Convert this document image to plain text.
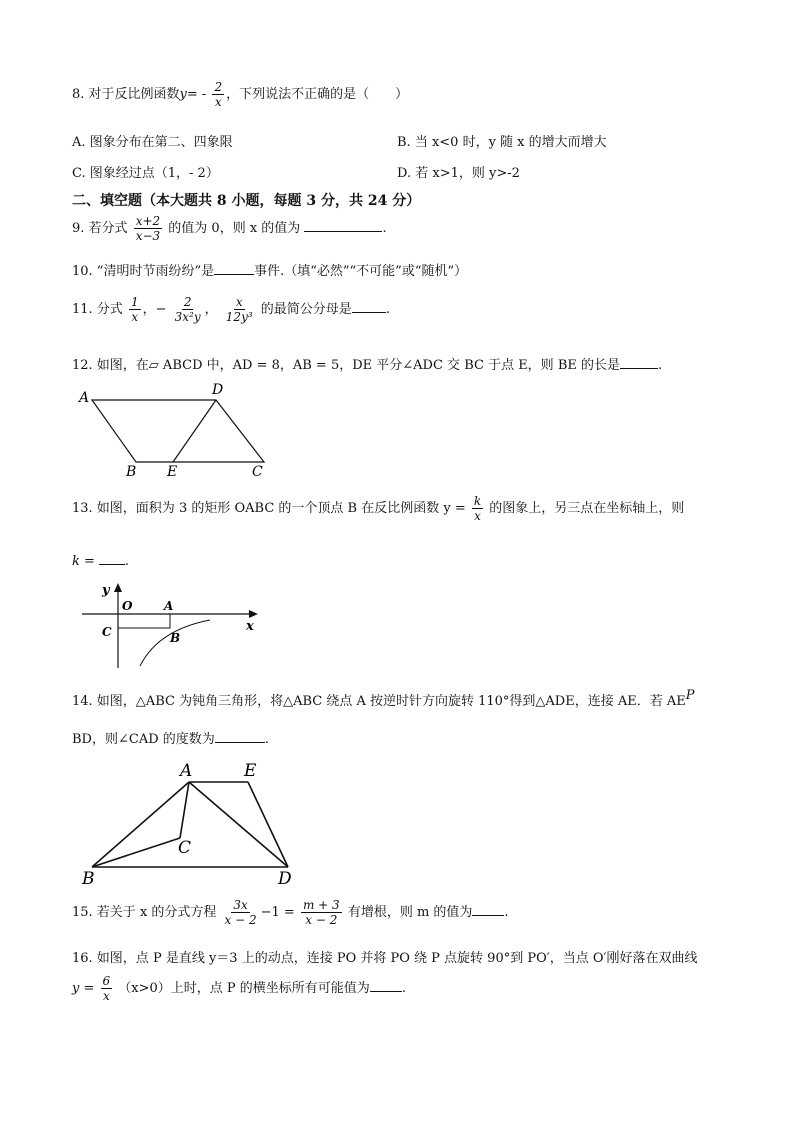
8. 对于反比例函数$y= - \frac{2}{x}$ ，下列说法不正确的是（　　）
A. 图象分布在第二、四象限	B. 当 x<0 时，y 随 x 的增大而增大
C. 图象经过点（1，- 2）	D. 若 x>1，则 y>-2
二、填空题（本大题共 8 小题，每题 3 分，共 24 分）
9. 若分式 $\frac{x+2}{x-3}$ 的值为 0，则 x 的值为	.
10. “清明时节雨纷纷”是	事件.（填“必然”“不可能”或“随机”）
11. 分式 $\frac{1}{x}$ ，− $\frac{2}{\text{3x²y}}$ ， $\frac{x}{\text{12y³}}$ 的最简公分母是	.
12. 如图，在▱ ABCD 中，AD = 8，AB = 5，DE 平分∠ADC 交 BC 于点 E，则 BE 的长是	.
A	D
B E	C
13. 如图，面积为 3 的矩形 OABC 的一个顶点 B 在反比例函数 $y = \frac{k}{x}$ 的图象上，另三点在坐标轴上，则
k = .
y
O	A
x
C	B
14. 如图，△ABC 为钝角三角形，将△ABC 绕点 A 按逆时针方向旋转 110°得到△ADE，连接 AE．若 AEP
BD，则∠CAD 的度数为	.
A	E
C
B	D
15. 若关于 x 的分式方程 $\frac{3x}{x - 2} -1 = \frac{m + 3}{x - 2}$ 有增根，则 m 的值为 .
16. 如图，点 P 是直线 y＝3 上的动点，连接 PO 并将 PO 绕 P 点旋转 90°到 PO′，当点 O′刚好落在双曲线
$y = \frac{6}{x} (x>0)$上时，点 P 的横坐标所有可能值为 .
